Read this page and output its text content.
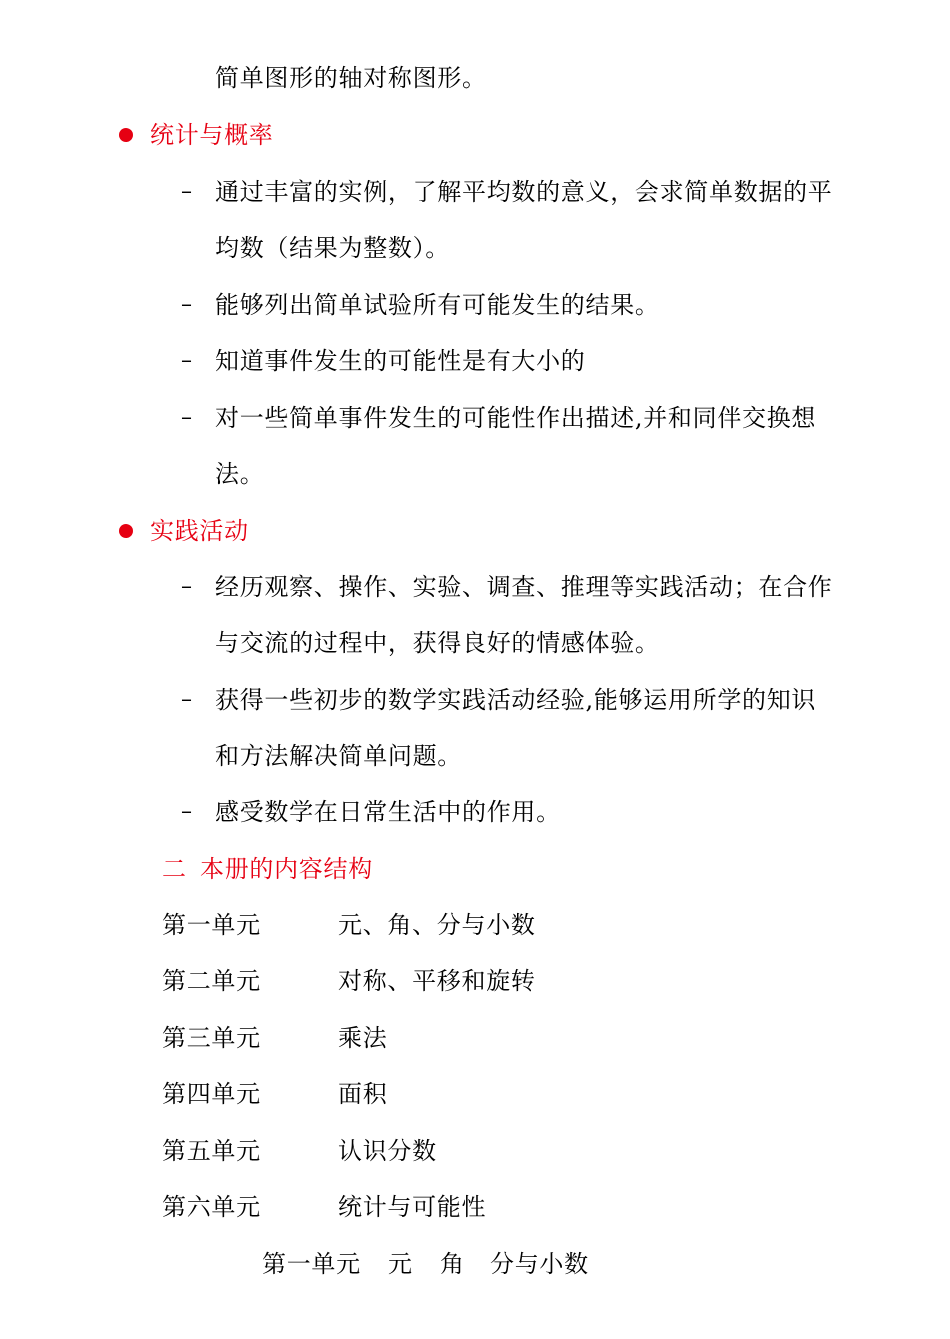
简单图形的轴对称图形。
统计与概率
– 通过丰富的实例，了解平均数的意义，会求简单数据的平
均数（结果为整数）。
– 能够列出简单试验所有可能发生的结果。
– 知道事件发生的可能性是有大小的
– 对一些简单事件发生的可能性作出描述,并和同伴交换想
法。
实践活动
– 经历观察、操作、实验、调查、推理等实践活动；在合作
与交流的过程中，获得良好的情感体验。
– 获得一些初步的数学实践活动经验,能够运用所学的知识
和方法解决简单问题。
– 感受数学在日常生活中的作用。
二 本册的内容结构
第一单元	元、角、分与小数
第二单元	对称、平移和旋转
第三单元	乘法
第四单元	面积
第五单元	认识分数
第六单元	统计与可能性
第一单元 元 角 分与小数
